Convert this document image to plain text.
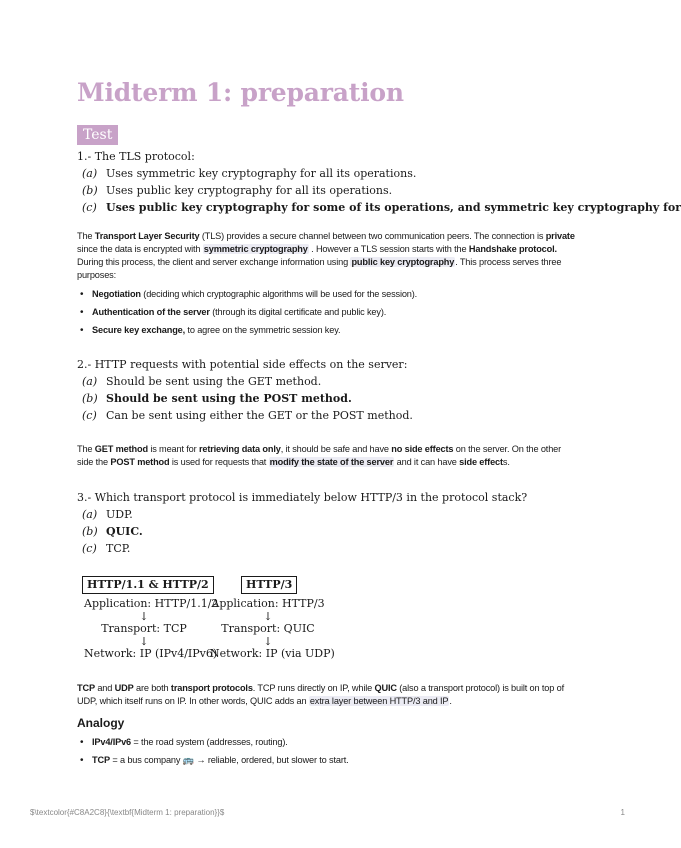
Midterm 1: preparation
Test
1.- The TLS protocol:
(a) Uses symmetric key cryptography for all its operations.
(b) Uses public key cryptography for all its operations.
(c) Uses public key cryptography for some of its operations, and symmetric key cryptography for
The Transport Layer Security (TLS) provides a secure channel between two communication peers. The connection is private since the data is encrypted with symmetric cryptography . However a TLS session starts with the Handshake protocol. During this process, the client and server exchange information using public key cryptography. This process serves three purposes:
• Negotiation (deciding which cryptographic algorithms will be used for the session).
• Authentication of the server (through its digital certificate and public key).
• Secure key exchange, to agree on the symmetric session key.
2.- HTTP requests with potential side effects on the server:
(a) Should be sent using the GET method.
(b) Should be sent using the POST method.
(c) Can be sent using either the GET or the POST method.
The GET method is meant for retrieving data only, it should be safe and have no side effects on the server. On the other side the POST method is used for requests that modify the state of the server and it can have side effects.
3.- Which transport protocol is immediately below HTTP/3 in the protocol stack?
(a) UDP.
(b) QUIC.
(c) TCP.
HTTP/1.1 & HTTP/2	HTTP/3
Application: HTTP/1.1/2
↓
Transport: TCP
↓
Network: IP (IPv4/IPv6)
Application: HTTP/3
↓
Transport: QUIC
↓
Network: IP (via UDP)
TCP and UDP are both transport protocols. TCP runs directly on IP, while QUIC (also a transport protocol) is built on top of UDP, which itself runs on IP. In other words, QUIC adds an extra layer between HTTP/3 and IP.
Analogy
• IPv4/IPv6 = the road system (addresses, routing).
• TCP = a bus company 🚌 → reliable, ordered, but slower to start.
$\textcolor{#C8A2C8}{\textbf{Midterm 1: preparation}}$	1
